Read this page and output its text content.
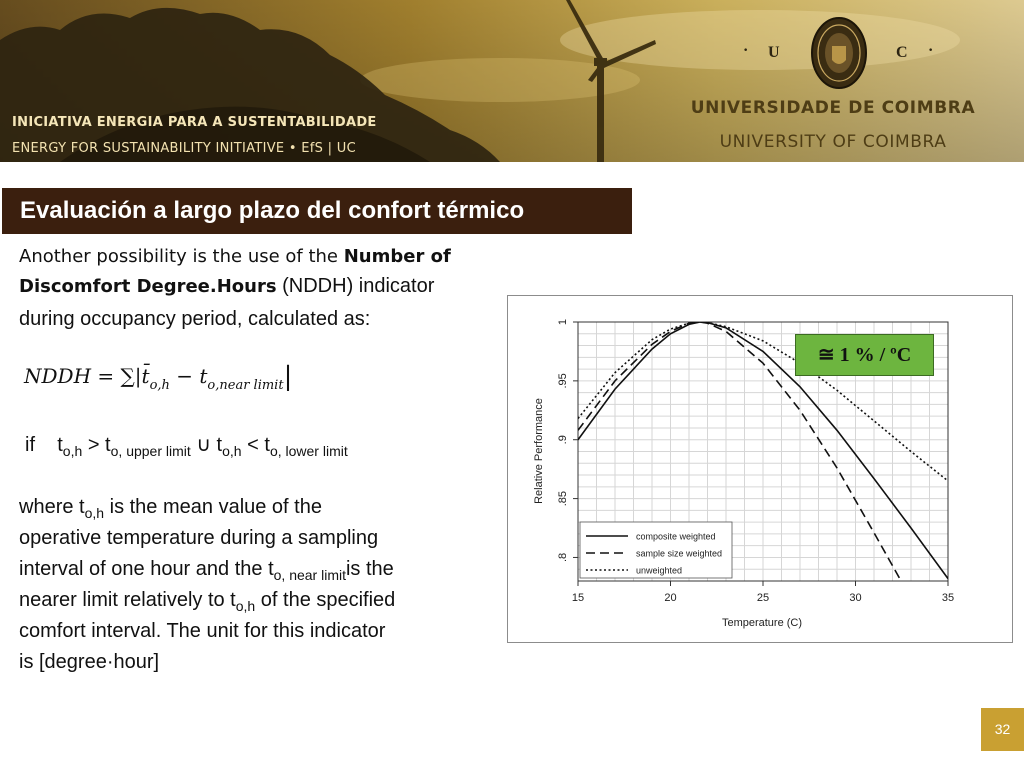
INICIATIVA ENERGIA PARA A SUSTENTABILIDADE
ENERGY FOR SUSTAINABILITY INITIATIVE • EfS | UC
· U	C ·
UNIVERSIDADE DE COIMBRA
UNIVERSITY OF COIMBRA
Evaluación a largo plazo del confort térmico
Another possibility is the use of the Number of
Discomfort Degree.Hours (NDDH) indicator
during occupancy period, calculated as:
NDDH = $\sum|t̄_{o,h} - t_{o,near limit}|$
if $t_{o,h} > t_{o, upper limit}$ ∪ $t_{o,h} < t_{o, lower limit}$
where $t_{o,h}$ is the mean value of the
operative temperature during a sampling
interval of one hour and the $t_{o, near limit}is$ the
nearer limit relatively to $t_{o,h}$ of the specified
comfort interval. The unit for this indicator
is [degree·hour]
15	20	25	30	35
.8
.85
.9
.95
1
Temperature (C)
Relative Performance
composite weighted
sample size weighted
unweighted
≅ 1 % / ºC
32
